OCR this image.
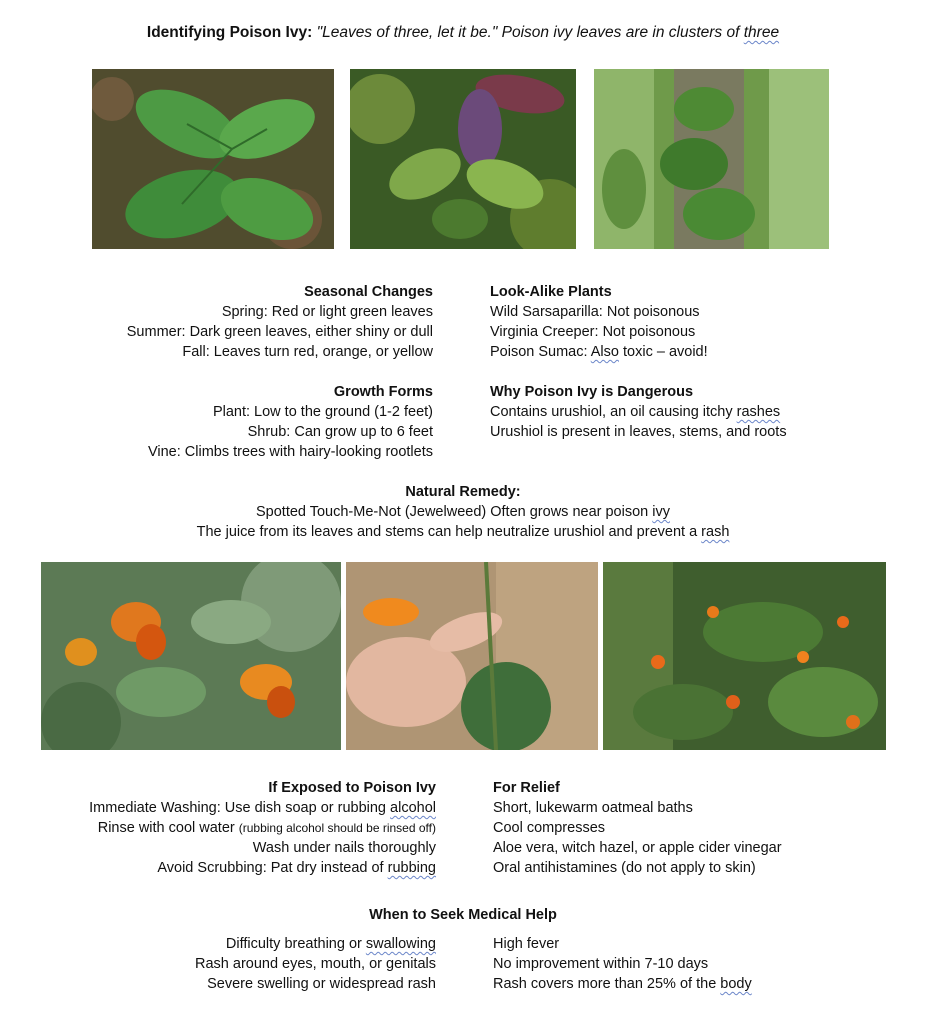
Identifying Poison Ivy: "Leaves of three, let it be." Poison ivy leaves are in clusters of three
Seasonal Changes
Spring: Red or light green leaves
Summer: Dark green leaves, either shiny or dull
Fall: Leaves turn red, orange, or yellow
Look-Alike Plants
Wild Sarsaparilla: Not poisonous
Virginia Creeper: Not poisonous
Poison Sumac: Also toxic – avoid!
Growth Forms
Plant: Low to the ground (1-2 feet)
Shrub: Can grow up to 6 feet
Vine: Climbs trees with hairy-looking rootlets
Why Poison Ivy is Dangerous
Contains urushiol, an oil causing itchy rashes
Urushiol is present in leaves, stems, and roots
Natural Remedy:
Spotted Touch-Me-Not (Jewelweed) Often grows near poison ivy
The juice from its leaves and stems can help neutralize urushiol and prevent a rash
If Exposed to Poison Ivy
Immediate Washing: Use dish soap or rubbing alcohol
Rinse with cool water (rubbing alcohol should be rinsed off)
Wash under nails thoroughly
Avoid Scrubbing: Pat dry instead of rubbing
For Relief
Short, lukewarm oatmeal baths
Cool compresses
Aloe vera, witch hazel, or apple cider vinegar
Oral antihistamines (do not apply to skin)
When to Seek Medical Help
Difficulty breathing or swallowing
Rash around eyes, mouth, or genitals
Severe swelling or widespread rash
High fever
No improvement within 7-10 days
Rash covers more than 25% of the body
